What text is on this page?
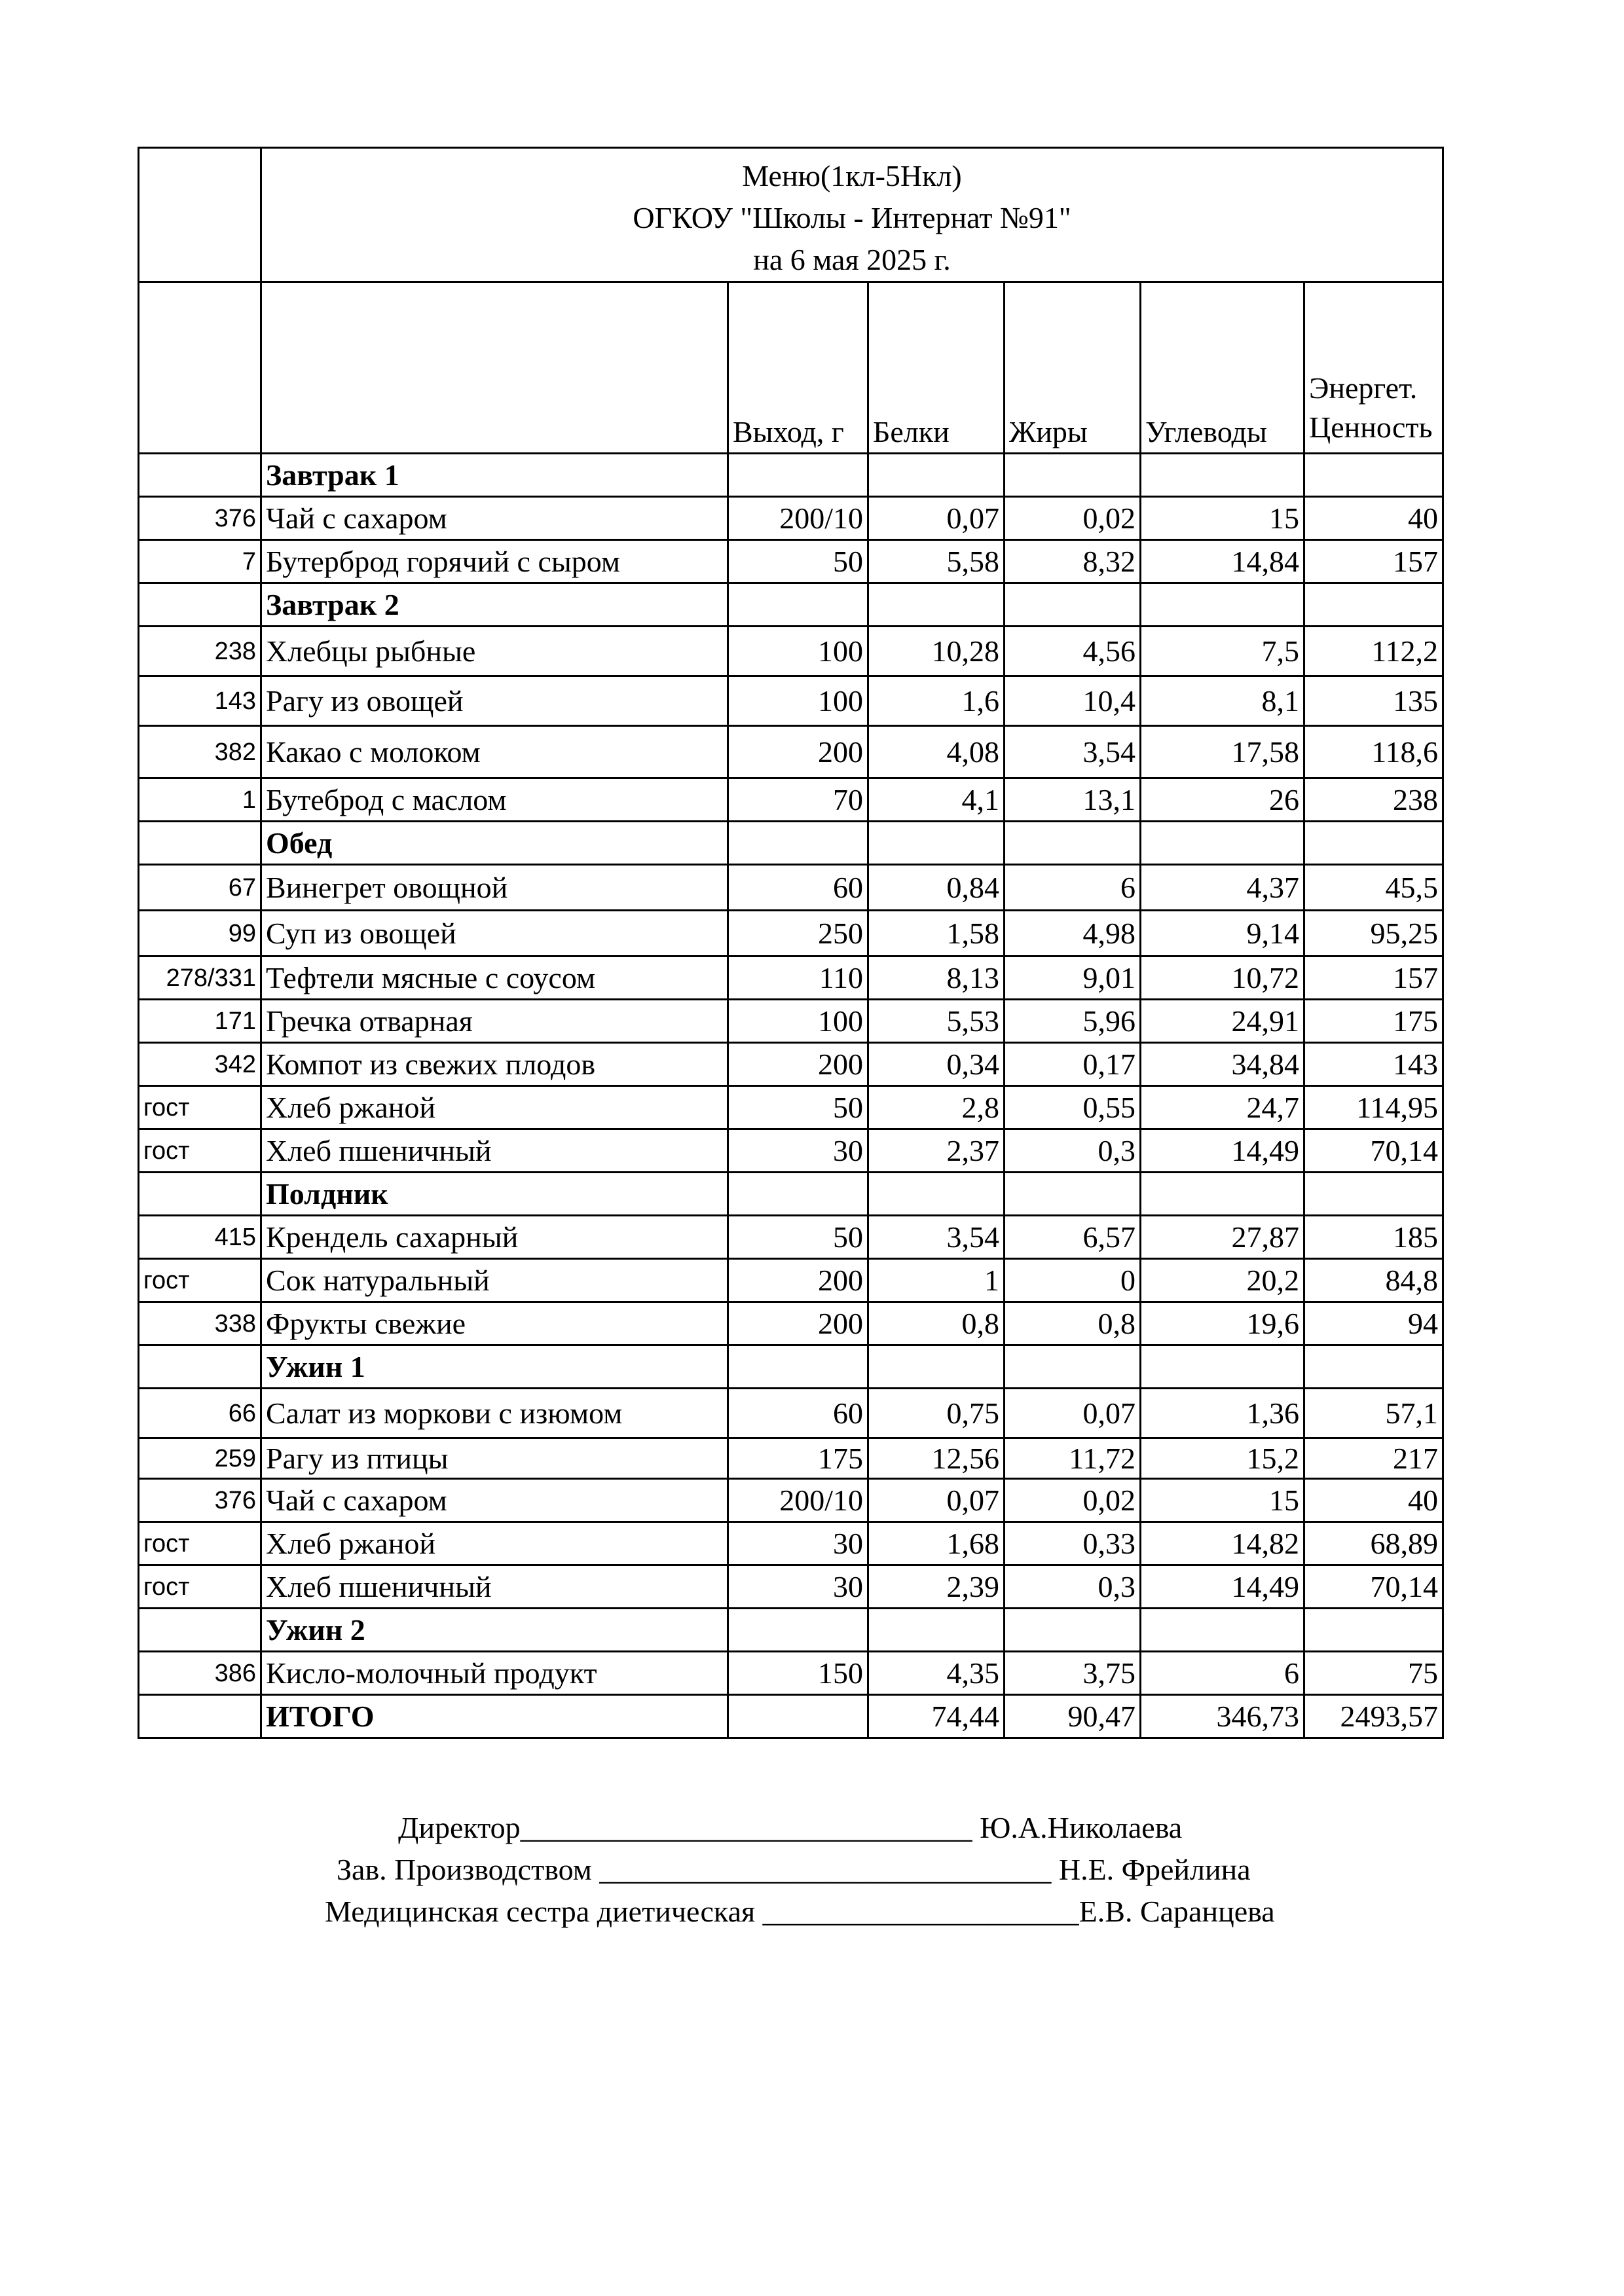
	Меню(1кл-5Нкл)
ОГКОУ "Школы - Интернат №91"
на 6 мая 2025 г.					

		Выход, г	Белки	Жиры	Углеводы	Энергет. Ценность
	Завтрак 1					
376	Чай с сахаром	200/10	0,07	0,02	15	40
7	Бутерброд горячий с сыром	50	5,58	8,32	14,84	157
	Завтрак 2					
238	Хлебцы рыбные	100	10,28	4,56	7,5	112,2
143	Рагу из овощей	100	1,6	10,4	8,1	135
382	Какао с молоком	200	4,08	3,54	17,58	118,6
1	Бутеброд с маслом	70	4,1	13,1	26	238
	Обед					
67	Винегрет овощной	60	0,84	6	4,37	45,5
99	Суп из овощей	250	1,58	4,98	9,14	95,25
278/331	Тефтели мясные с соусом	110	8,13	9,01	10,72	157
171	Гречка отварная	100	5,53	5,96	24,91	175
342	Компот из свежих плодов	200	0,34	0,17	34,84	143
гост	Хлеб ржаной	50	2,8	0,55	24,7	114,95
гост	Хлеб пшеничный	30	2,37	0,3	14,49	70,14
	Полдник					
415	Крендель сахарный	50	3,54	6,57	27,87	185
гост	Сок натуральный	200	1	0	20,2	84,8
338	Фрукты свежие	200	0,8	0,8	19,6	94
	Ужин 1					
66	Салат из моркови с изюмом	60	0,75	0,07	1,36	57,1
259	Рагу из птицы	175	12,56	11,72	15,2	217
376	Чай с сахаром	200/10	0,07	0,02	15	40
гост	Хлеб ржаной	30	1,68	0,33	14,82	68,89
гост	Хлеб пшеничный	30	2,39	0,3	14,49	70,14
	Ужин 2					
386	Кисло-молочный продукт	150	4,35	3,75	6	75
	ИТОГО		74,44	90,47	346,73	2493,57
Директор______________________________ Ю.А.Николаева
Зав. Производством ______________________________ Н.Е. Фрейлина
Медицинская сестра диетическая _____________________Е.В. Саранцева
